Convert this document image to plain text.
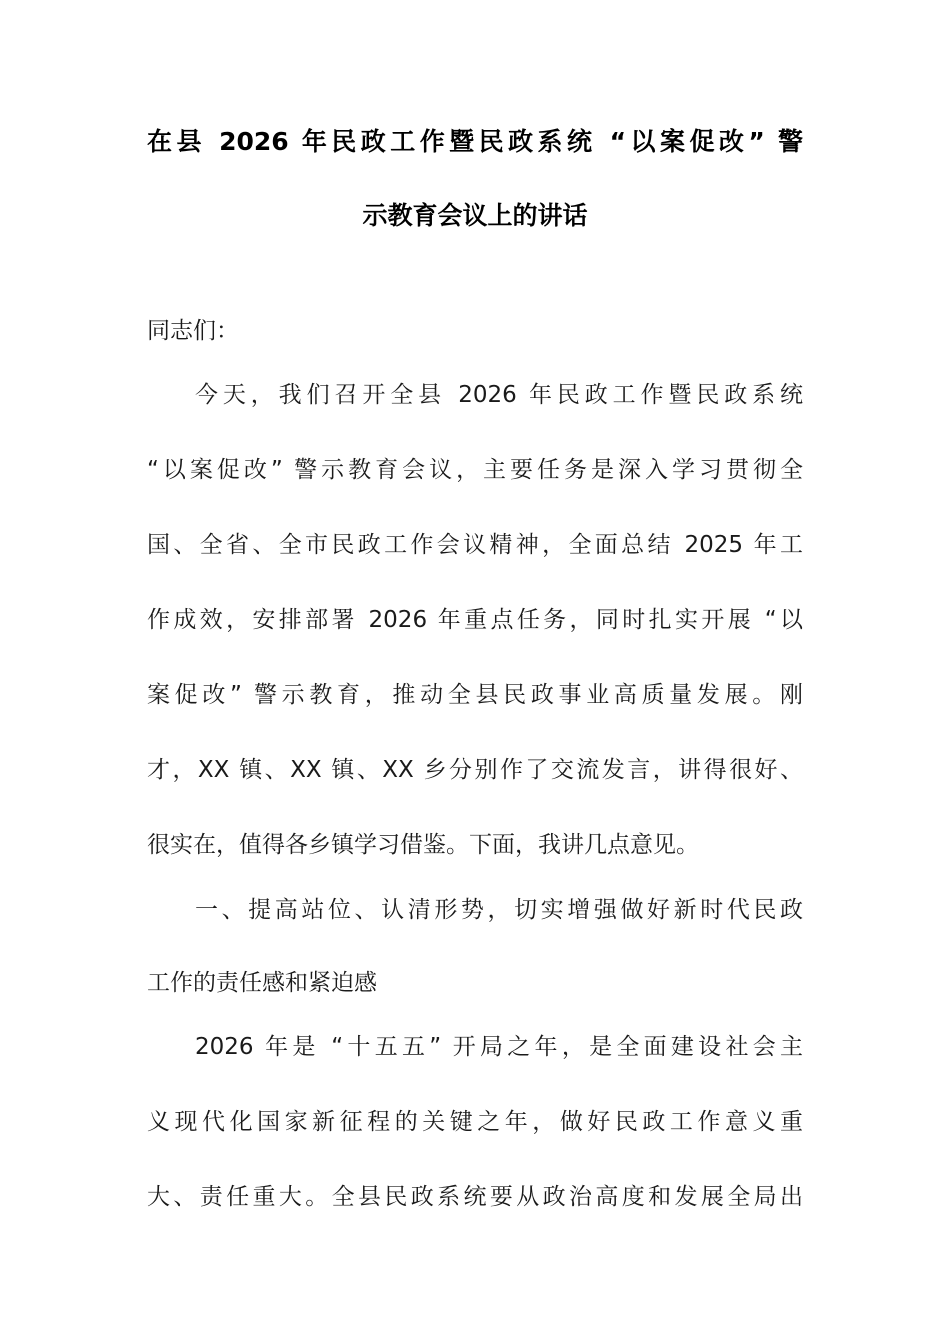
在县 2026 年民政工作暨民政系统 “以案促改” 警
示教育会议上的讲话
同志们：
今天，我们召开全县 2026 年民政工作暨民政系统
“以案促改” 警示教育会议，主要任务是深入学习贯彻全
国、全省、全市民政工作会议精神，全面总结 2025 年工
作成效，安排部署 2026 年重点任务，同时扎实开展 “以
案促改” 警示教育，推动全县民政事业高质量发展。刚
才，XX 镇、XX 镇、XX 乡分别作了交流发言，讲得很好、
很实在，值得各乡镇学习借鉴。下面，我讲几点意见。
一、提高站位、认清形势，切实增强做好新时代民政
工作的责任感和紧迫感
2026 年是 “十五五” 开局之年，是全面建设社会主
义现代化国家新征程的关键之年，做好民政工作意义重
大、责任重大。全县民政系统要从政治高度和发展全局出
